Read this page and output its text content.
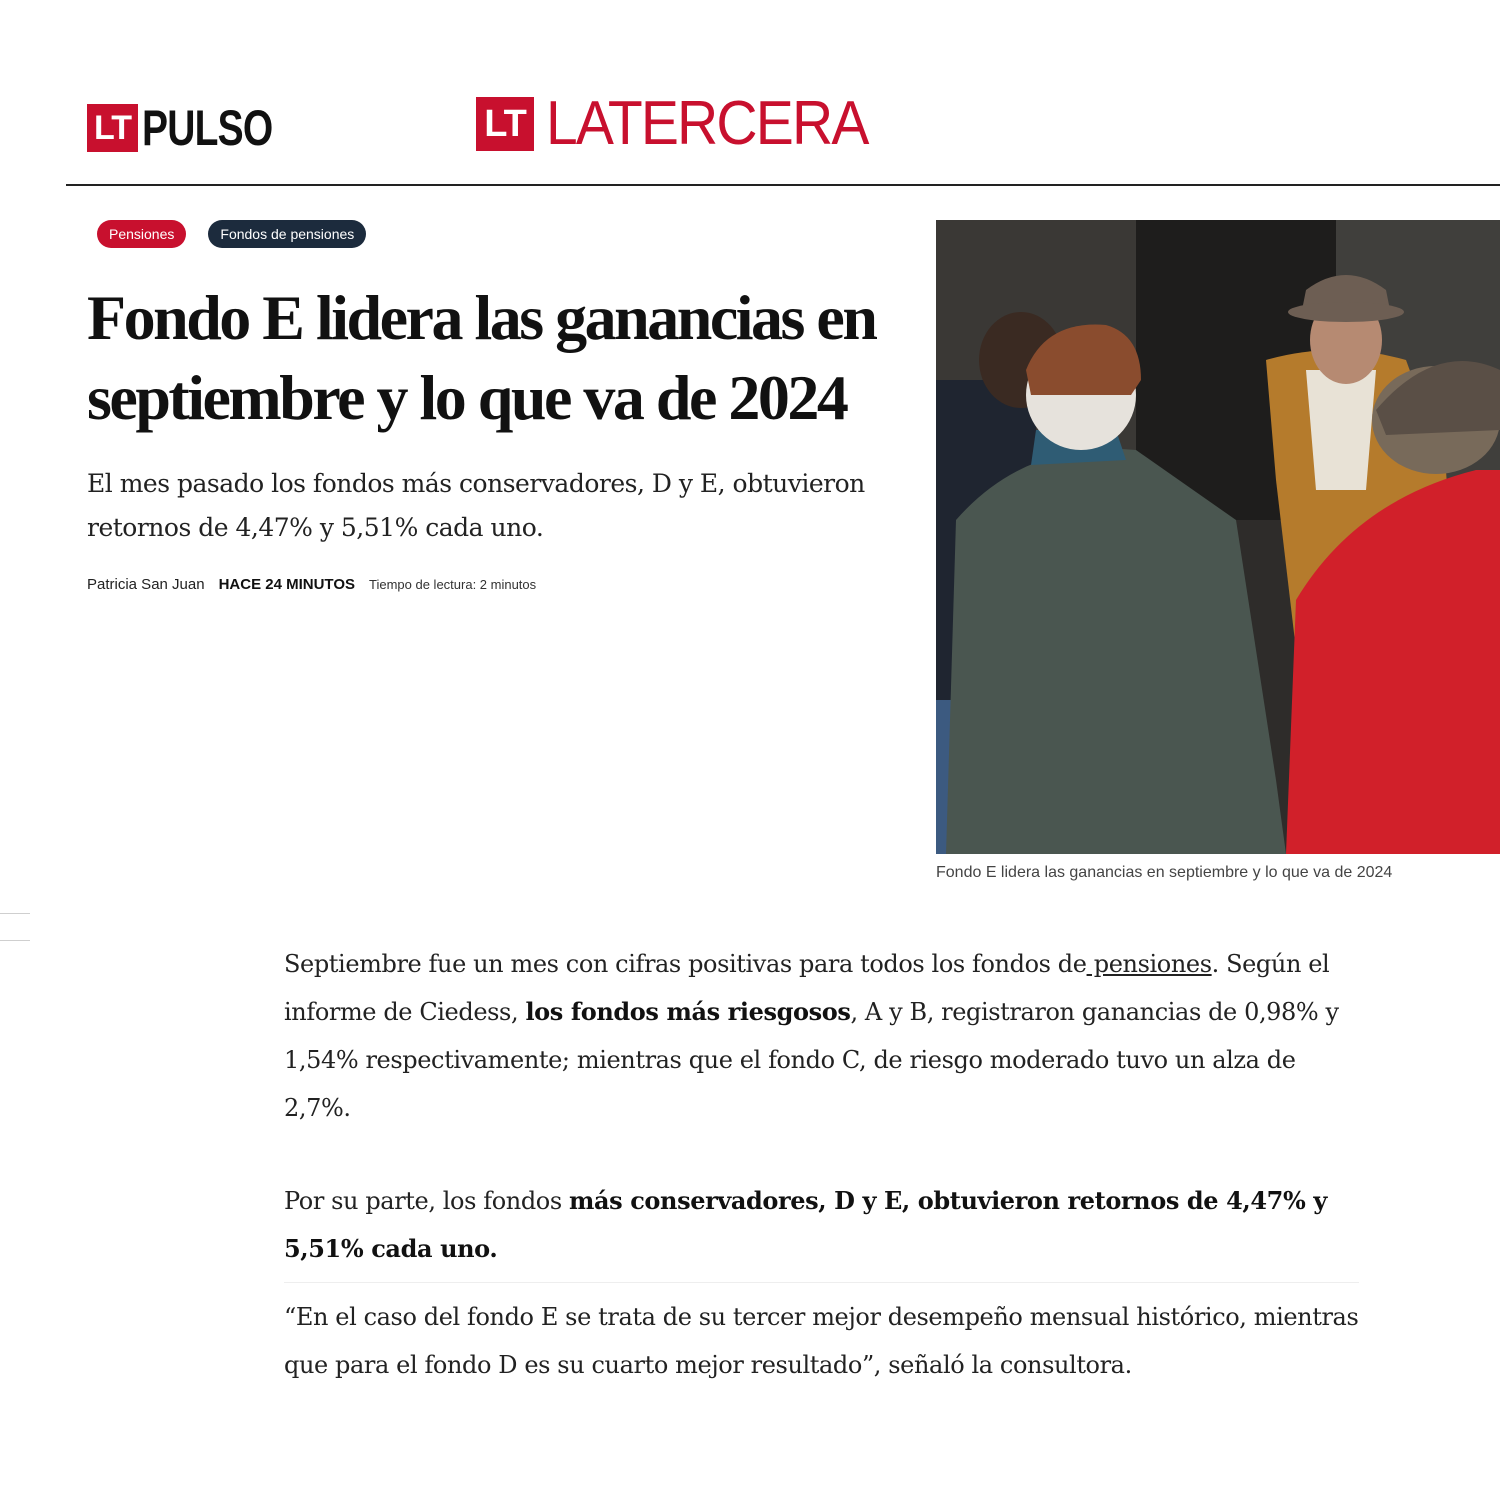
LT PULSO	LT LATERCERA
Pensiones	Fondos de pensiones
Fondo E lidera las ganancias en septiembre y lo que va de 2024

El mes pasado los fondos más conservadores, D y E, obtuvieron retornos de 4,47% y 5,51% cada uno.

Patricia San Juan HACE 24 MINUTOS Tiempo de lectura: 2 minutos
Fondo E lidera las ganancias en septiembre y lo que va de 2024

Septiembre fue un mes con cifras positivas para todos los fondos de pensiones. Según el informe de Ciedess, los fondos más riesgosos, A y B, registraron ganancias de 0,98% y 1,54% respectivamente; mientras que el fondo C, de riesgo moderado tuvo un alza de 2,7%.

Por su parte, los fondos más conservadores, D y E, obtuvieron retornos de 4,47% y 5,51% cada uno.

“En el caso del fondo E se trata de su tercer mejor desempeño mensual histórico, mientras que para el fondo D es su cuarto mejor resultado”, señaló la consultora.
